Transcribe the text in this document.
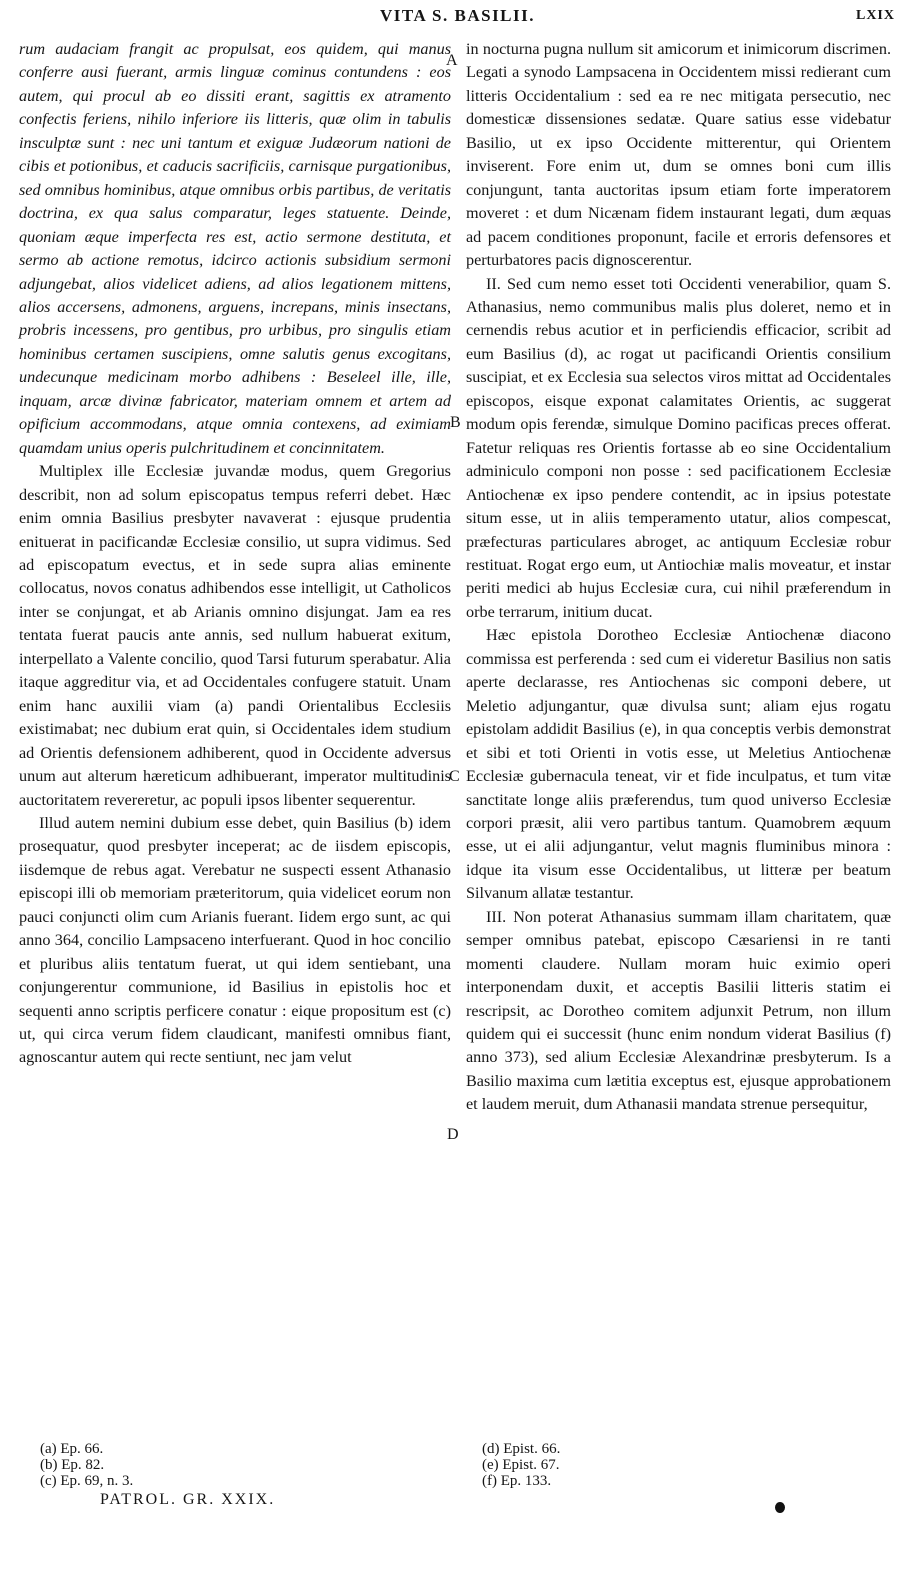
VITA S. BASILII.	LXIX

rum audaciam frangit ac propulsat, eos quidem, qui manus conferre ausi fuerant, armis linguæ cominus contundens : eos autem, qui procul ab eo dissiti erant, sagittis ex atramento confectis feriens, nihilo inferiore iis litteris, quæ olim in tabulis insculptæ sunt : nec uni tantum et exiguæ Judæorum nationi de cibis et potionibus, et caducis sacrificiis, carnisque purgationibus, sed omnibus hominibus, atque omnibus orbis partibus, de veritatis doctrina, ex qua salus comparatur, leges statuente. Deinde, quoniam æque imperfecta res est, actio sermone destituta, et sermo ab actione remotus, idcirco actionis subsidium sermoni adjungebat, alios videlicet adiens, ad alios legationem mittens, alios accersens, admonens, arguens, increpans, minis insectans, probris incessens, pro gentibus, pro urbibus, pro singulis etiam hominibus certamen suscipiens, omne salutis genus excogitans, undecunque medicinam morbo adhibens : Beseleel ille, ille, inquam, arcæ divinæ fabricator, materiam omnem et artem ad opificium accommodans, atque omnia contexens, ad eximiam quamdam unius operis pulchritudinem et concinnitatem.

Multiplex ille Ecclesiæ juvandæ modus, quem Gregorius describit, non ad solum episcopatus tempus referri debet. Hæc enim omnia Basilius presbyter navaverat : ejusque prudentia enituerat in pacificandæ Ecclesiæ consilio, ut supra vidimus. Sed ad episcopatum evectus, et in sede supra alias eminente collocatus, novos conatus adhibendos esse intelligit, ut Catholicos inter se conjungat, et ab Arianis omnino disjungat. Jam ea res tentata fuerat paucis ante annis, sed nullum habuerat exitum, interpellato a Valente concilio, quod Tarsi futurum sperabatur. Alia itaque aggreditur via, et ad Occidentales confugere statuit. Unam enim hanc auxilii viam (a) pandi Orientalibus Ecclesiis existimabat; nec dubium erat quin, si Occidentales idem studium ad Orientis defensionem adhiberent, quod in Occidente adversus unum aut alterum hæreticum adhibuerant, imperator multitudinis auctoritatem revereretur, ac populi ipsos libenter sequerentur.

Illud autem nemini dubium esse debet, quin Basilius (b) idem prosequatur, quod presbyter inceperat; ac de iisdem episcopis, iisdemque de rebus agat. Verebatur ne suspecti essent Athanasio episcopi illi ob memoriam præteritorum, quia videlicet eorum non pauci conjuncti olim cum Arianis fuerant. Iidem ergo sunt, ac qui anno 364, concilio Lampsaceno interfuerant. Quod in hoc concilio et pluribus aliis tentatum fuerat, ut qui idem sentiebant, una conjungerentur communione, id Basilius in epistolis hoc et sequenti anno scriptis perficere conatur : eique propositum est (c) ut, qui circa verum fidem claudicant, manifesti omnibus fiant, agnoscantur autem qui recte sentiunt, nec jam velut

in nocturna pugna nullum sit amicorum et inimicorum discrimen. Legati a synodo Lampsacena in Occidentem missi redierant cum litteris Occidentalium : sed ea re nec mitigata persecutio, nec domesticæ dissensiones sedatæ. Quare satius esse videbatur Basilio, ut ex ipso Occidente mitterentur, qui Orientem inviserent. Fore enim ut, dum se omnes boni cum illis conjungunt, tanta auctoritas ipsum etiam forte imperatorem moveret : et dum Nicænam fidem instaurant legati, dum æquas ad pacem conditiones proponunt, facile et erroris defensores et perturbatores pacis dignoscerentur.

II. Sed cum nemo esset toti Occidenti venerabilior, quam S. Athanasius, nemo communibus malis plus doleret, nemo et in cernendis rebus acutior et in perficiendis efficacior, scribit ad eum Basilius (d), ac rogat ut pacificandi Orientis consilium suscipiat, et ex Ecclesia sua selectos viros mittat ad Occidentales episcopos, eisque exponat calamitates Orientis, ac suggerat modum opis ferendæ, simulque Domino pacificas preces offerat. Fatetur reliquas res Orientis fortasse ab eo sine Occidentalium adminiculo componi non posse : sed pacificationem Ecclesiæ Antiochenæ ex ipso pendere contendit, ac in ipsius potestate situm esse, ut in aliis temperamento utatur, alios compescat, præfecturas particulares abroget, ac antiquum Ecclesiæ robur restituat. Rogat ergo eum, ut Antiochiæ malis moveatur, et instar periti medici ab hujus Ecclesiæ cura, cui nihil præferendum in orbe terrarum, initium ducat.

Hæc epistola Dorotheo Ecclesiæ Antiochenæ diacono commissa est perferenda : sed cum ei videretur Basilius non satis aperte declarasse, res Antiochenas sic componi debere, ut Meletio adjungantur, quæ divulsa sunt; aliam ejus rogatu epistolam addidit Basilius (e), in qua conceptis verbis demonstrat et sibi et toti Orienti in votis esse, ut Meletius Antiochenæ Ecclesiæ gubernacula teneat, vir et fide inculpatus, et tum vitæ sanctitate longe aliis præferendus, tum quod universo Ecclesiæ corpori præsit, alii vero partibus tantum. Quamobrem æquum esse, ut ei alii adjungantur, velut magnis fluminibus minora : idque ita visum esse Occidentalibus, ut litteræ per beatum Silvanum allatæ testantur.

III. Non poterat Athanasius summam illam charitatem, quæ semper omnibus patebat, episcopo Cæsariensi in re tanti momenti claudere. Nullam moram huic eximio operi interponendam duxit, et acceptis Basilii litteris statim ei rescripsit, ac Dorotheo comitem adjunxit Petrum, non illum quidem qui ei successit (hunc enim nondum viderat Basilius (f) anno 373), sed alium Ecclesiæ Alexandrinæ presbyterum. Is a Basilio maxima cum lætitia exceptus est, ejusque approbationem et laudem meruit, dum Athanasii mandata strenue persequitur,

A
B
C
D
(a) Ep. 66.
(b) Ep. 82.
(c) Ep. 69, n. 3.
(d) Epist. 66.
(e) Epist. 67.
(f) Ep. 133.
PATROL. GR. XXIX.
